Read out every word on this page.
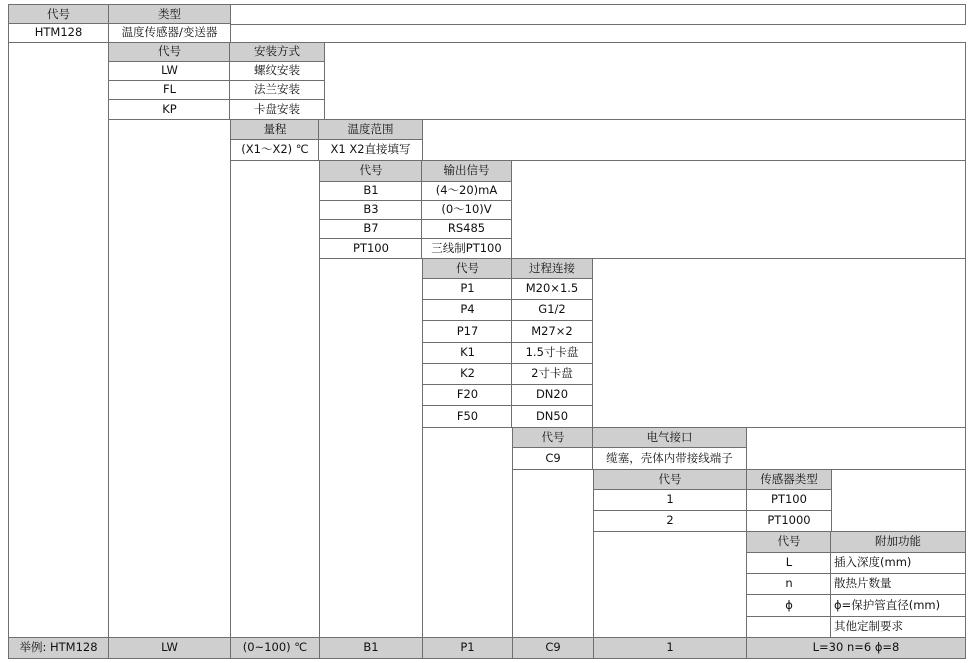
代号	类型
HTM128	温度传感器/变送器
代号	安装方式
LW	螺纹安装
FL	法兰安装
KP	卡盘安装
量程	温度范围
(X1～X2) ℃	X1 X2直接填写
代号	输出信号
B1	(4～20)mA
B3	(0～10)V
B7	RS485
PT100	三线制PT100
代号	过程连接
P1	M20×1.5
P4	G1/2
P17	M27×2
K1	1.5寸卡盘
K2	2寸卡盘
F20	DN20
F50	DN50
代号	电气接口
C9	缆塞，壳体内带接线端子
代号	传感器类型
1	PT100
2	PT1000
代号	附加功能
L	插入深度(mm)
n	散热片数量
ϕ	ϕ=保护管直径(mm)
其他定制要求
举例: HTM128	LW	(0~100) ℃	B1	P1	C9	1	L=30 n=6 ϕ=8
